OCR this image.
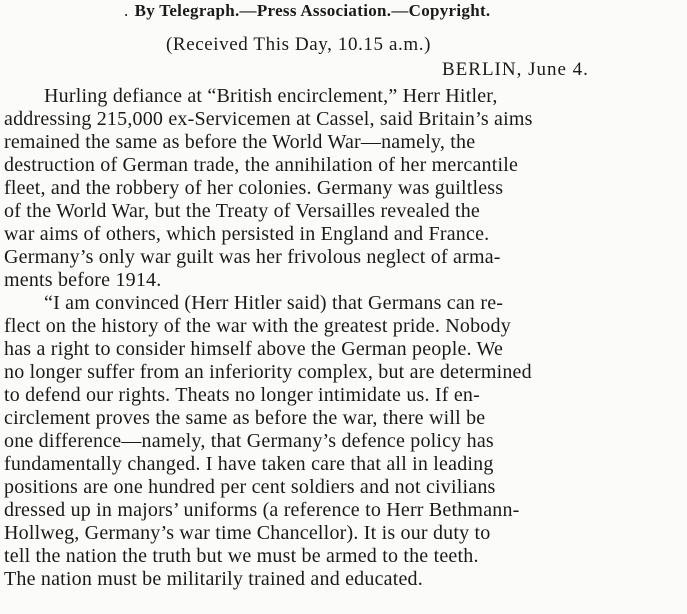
. By Telegraph.—Press Association.—Copyright.
(Received This Day, 10.15 a.m.)
BERLIN, June 4.
Hurling defiance at “British encirclement,” Herr Hitler,
addressing 215,000 ex-Servicemen at Cassel, said Britain’s aims
remained the same as before the World War—namely, the
destruction of German trade, the annihilation of her mercantile
fleet, and the robbery of her colonies. Germany was guiltless
of the World War, but the Treaty of Versailles revealed the
war aims of others, which persisted in England and France.
Germany’s only war guilt was her frivolous neglect of arma-
ments before 1914.
“I am convinced (Herr Hitler said) that Germans can re-
flect on the history of the war with the greatest pride. Nobody
has a right to consider himself above the German people. We
no longer suffer from an inferiority complex, but are determined
to defend our rights. Theats no longer intimidate us. If en-
circlement proves the same as before the war, there will be
one difference—namely, that Germany’s defence policy has
fundamentally changed. I have taken care that all in leading
positions are one hundred per cent soldiers and not civilians
dressed up in majors’ uniforms (a reference to Herr Bethmann-
Hollweg, Germany’s war time Chancellor). It is our duty to
tell the nation the truth but we must be armed to the teeth.
The nation must be militarily trained and educated.
